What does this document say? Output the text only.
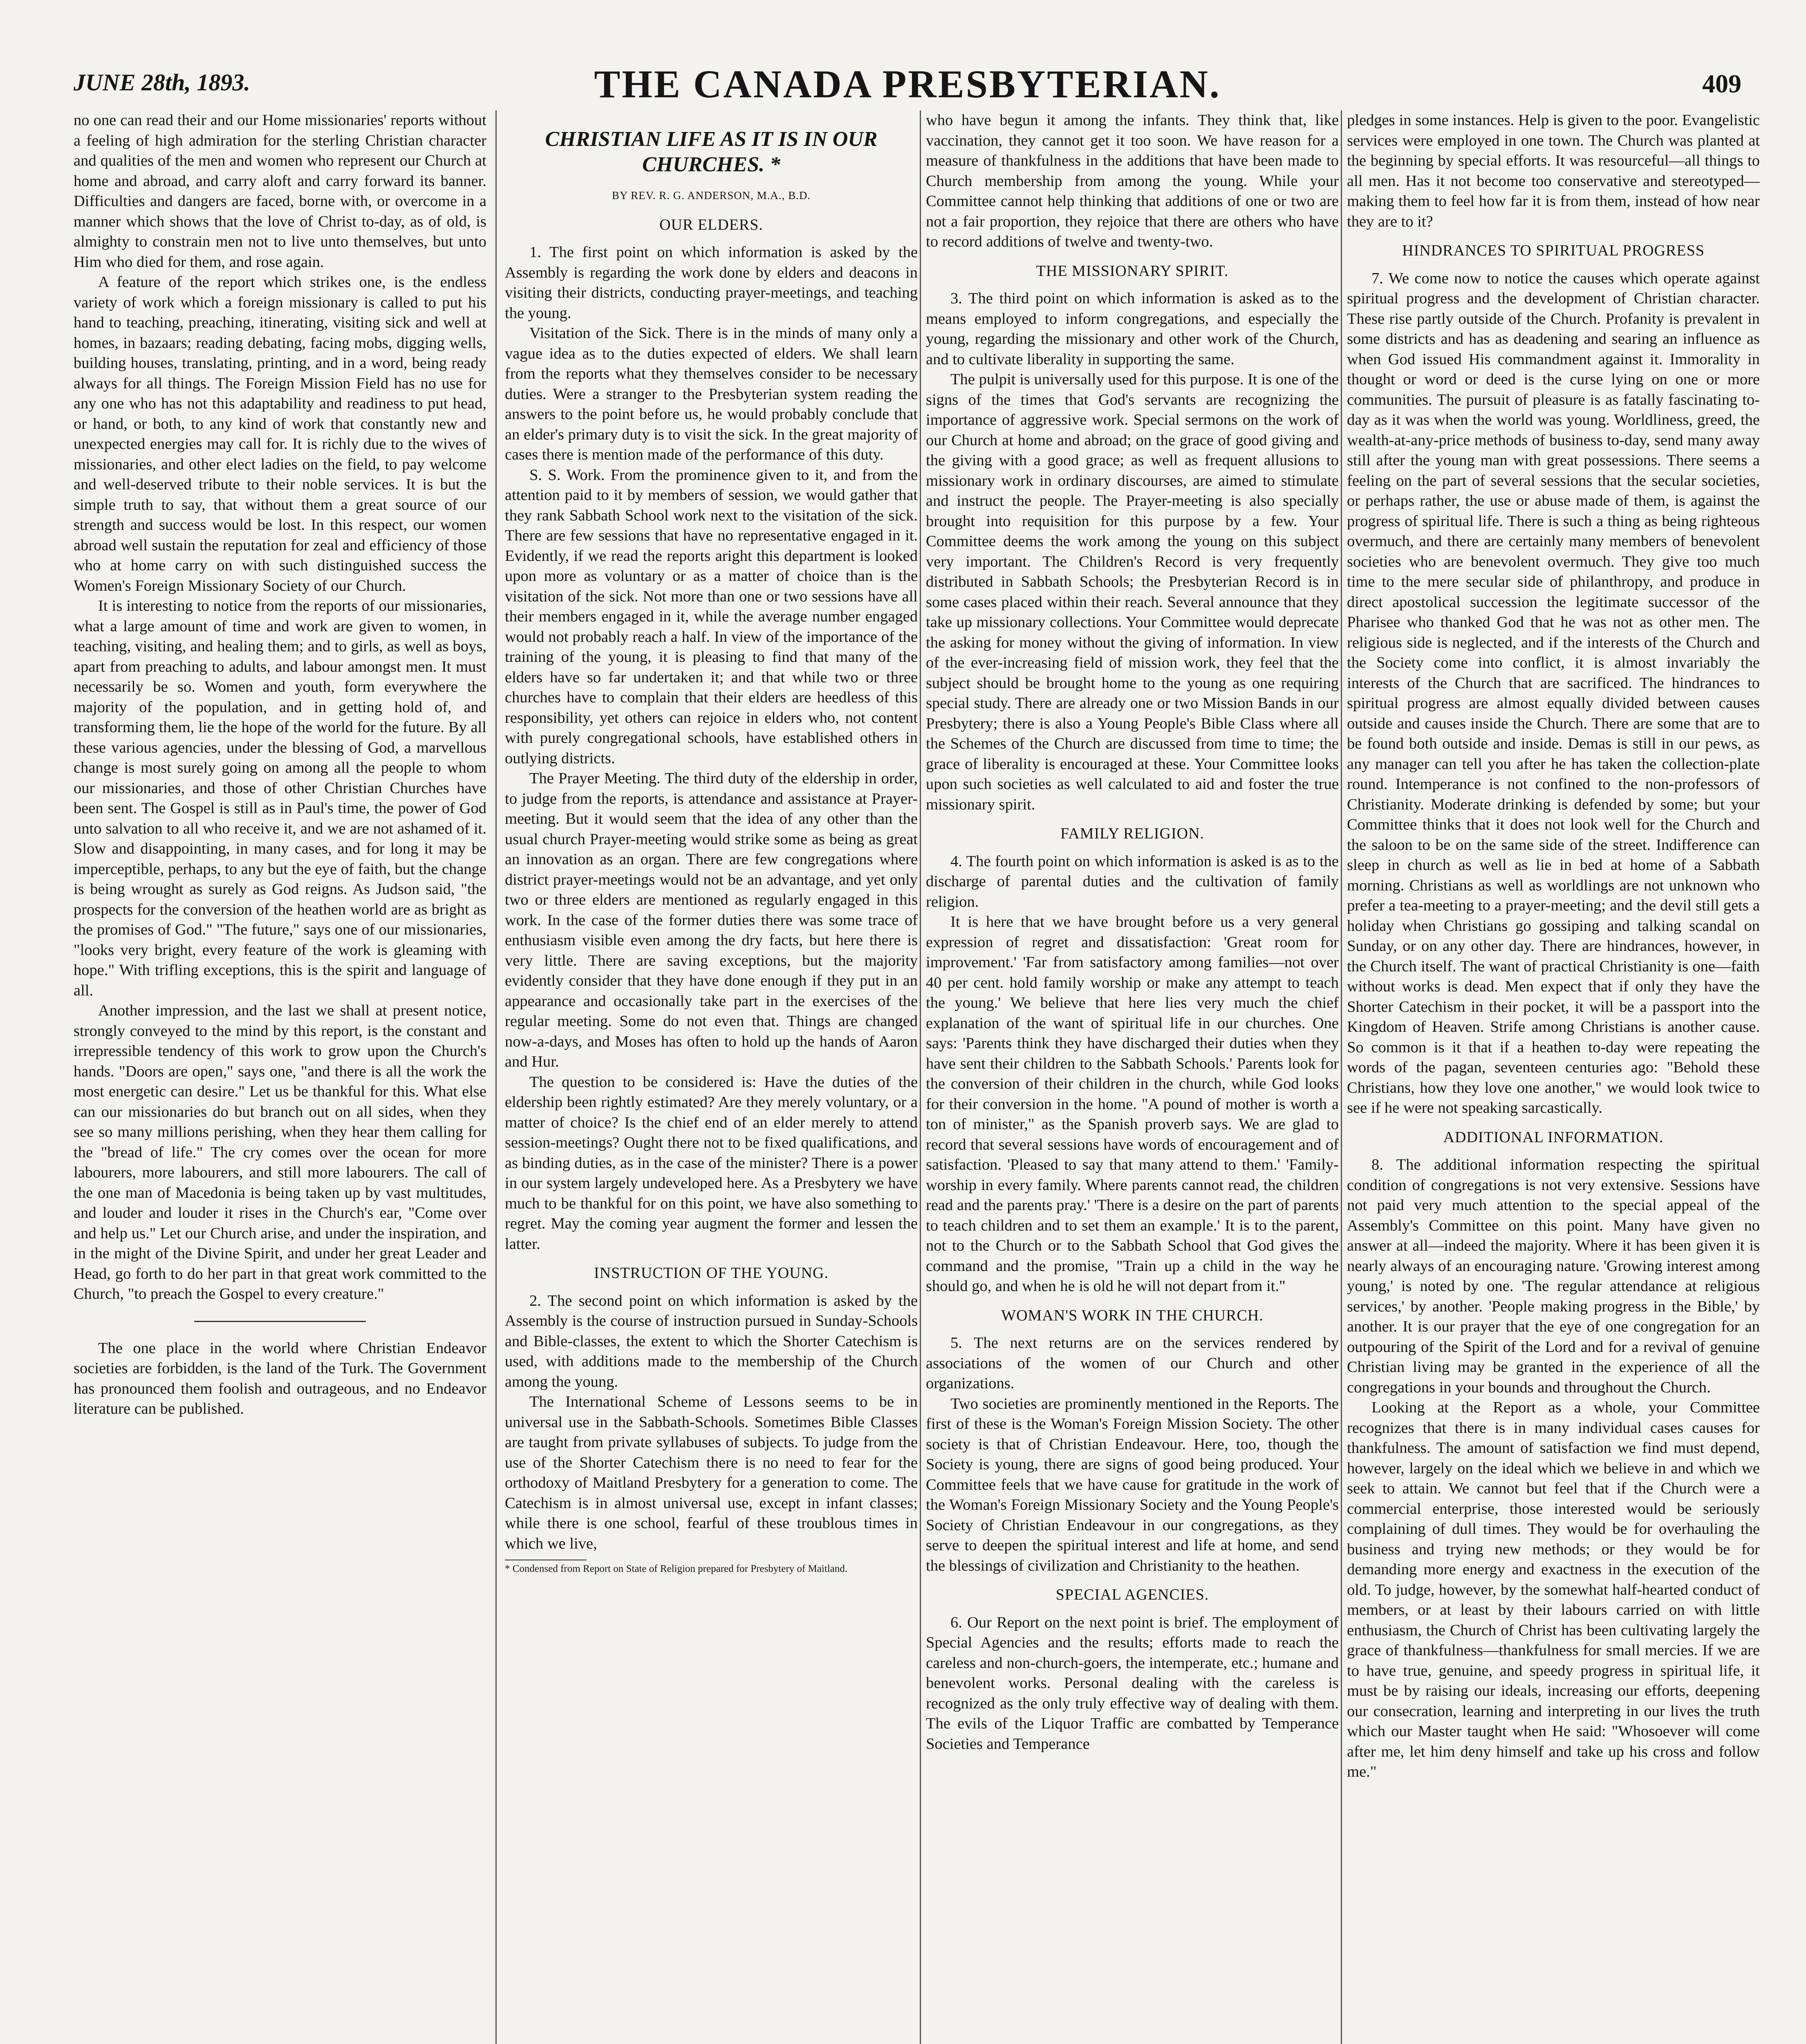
JUNE 28th, 1893.	THE CANADA PRESBYTERIAN.	409

no one can read their and our Home missionaries' reports without a feeling of high admiration for the sterling Christian character and qualities of the men and women who represent our Church at home and abroad, and carry aloft and carry forward its banner. Difficulties and dangers are faced, borne with, or overcome in a manner which shows that the love of Christ to-day, as of old, is almighty to constrain men not to live unto themselves, but unto Him who died for them, and rose again.

A feature of the report which strikes one, is the endless variety of work which a foreign missionary is called to put his hand to teaching, preaching, itinerating, visiting sick and well at homes, in bazaars; reading debating, facing mobs, digging wells, building houses, translating, printing, and in a word, being ready always for all things. The Foreign Mission Field has no use for any one who has not this adaptability and readiness to put head, or hand, or both, to any kind of work that constantly new and unexpected energies may call for. It is richly due to the wives of missionaries, and other elect ladies on the field, to pay welcome and well-deserved tribute to their noble services. It is but the simple truth to say, that without them a great source of our strength and success would be lost. In this respect, our women abroad well sustain the reputation for zeal and efficiency of those who at home carry on with such distinguished success the Women's Foreign Missionary Society of our Church.

It is interesting to notice from the reports of our missionaries, what a large amount of time and work are given to women, in teaching, visiting, and healing them; and to girls, as well as boys, apart from preaching to adults, and labour amongst men. It must necessarily be so. Women and youth, form everywhere the majority of the population, and in getting hold of, and transforming them, lie the hope of the world for the future. By all these various agencies, under the blessing of God, a marvellous change is most surely going on among all the people to whom our missionaries, and those of other Christian Churches have been sent. The Gospel is still as in Paul's time, the power of God unto salvation to all who receive it, and we are not ashamed of it. Slow and disappointing, in many cases, and for long it may be imperceptible, perhaps, to any but the eye of faith, but the change is being wrought as surely as God reigns. As Judson said, "the prospects for the conversion of the heathen world are as bright as the promises of God." "The future," says one of our missionaries, "looks very bright, every feature of the work is gleaming with hope." With trifling exceptions, this is the spirit and language of all.

Another impression, and the last we shall at present notice, strongly conveyed to the mind by this report, is the constant and irrepressible tendency of this work to grow upon the Church's hands. "Doors are open," says one, "and there is all the work the most energetic can desire." Let us be thankful for this. What else can our missionaries do but branch out on all sides, when they see so many millions perishing, when they hear them calling for the "bread of life." The cry comes over the ocean for more labourers, more labourers, and still more labourers. The call of the one man of Macedonia is being taken up by vast multitudes, and louder and louder it rises in the Church's ear, "Come over and help us." Let our Church arise, and under the inspiration, and in the might of the Divine Spirit, and under her great Leader and Head, go forth to do her part in that great work committed to the Church, "to preach the Gospel to every creature."

The one place in the world where Christian Endeavor societies are forbidden, is the land of the Turk. The Government has pronounced them foolish and outrageous, and no Endeavor literature can be published.

CHRISTIAN LIFE AS IT IS IN OUR CHURCHES. *
BY REV. R. G. ANDERSON, M.A., B.D.
OUR ELDERS.

1. The first point on which information is asked by the Assembly is regarding the work done by elders and deacons in visiting their districts, conducting prayer-meetings, and teaching the young.

Visitation of the Sick. There is in the minds of many only a vague idea as to the duties expected of elders. We shall learn from the reports what they themselves consider to be necessary duties. Were a stranger to the Presbyterian system reading the answers to the point before us, he would probably conclude that an elder's primary duty is to visit the sick. In the great majority of cases there is mention made of the performance of this duty.

S. S. Work. From the prominence given to it, and from the attention paid to it by members of session, we would gather that they rank Sabbath School work next to the visitation of the sick. There are few sessions that have no representative engaged in it. Evidently, if we read the reports aright this department is looked upon more as voluntary or as a matter of choice than is the visitation of the sick. Not more than one or two sessions have all their members engaged in it, while the average number engaged would not probably reach a half. In view of the importance of the training of the young, it is pleasing to find that many of the elders have so far undertaken it; and that while two or three churches have to complain that their elders are heedless of this responsibility, yet others can rejoice in elders who, not content with purely congregational schools, have established others in outlying districts.

The Prayer Meeting. The third duty of the eldership in order, to judge from the reports, is attendance and assistance at Prayer-meeting. But it would seem that the idea of any other than the usual church Prayer-meeting would strike some as being as great an innovation as an organ. There are few congregations where district prayer-meetings would not be an advantage, and yet only two or three elders are mentioned as regularly engaged in this work. In the case of the former duties there was some trace of enthusiasm visible even among the dry facts, but here there is very little. There are saving exceptions, but the majority evidently consider that they have done enough if they put in an appearance and occasionally take part in the exercises of the regular meeting. Some do not even that. Things are changed now-a-days, and Moses has often to hold up the hands of Aaron and Hur.

The question to be considered is: Have the duties of the eldership been rightly estimated? Are they merely voluntary, or a matter of choice? Is the chief end of an elder merely to attend session-meetings? Ought there not to be fixed qualifications, and as binding duties, as in the case of the minister? There is a power in our system largely undeveloped here. As a Presbytery we have much to be thankful for on this point, we have also something to regret. May the coming year augment the former and lessen the latter.

INSTRUCTION OF THE YOUNG.

2. The second point on which information is asked by the Assembly is the course of instruction pursued in Sunday-Schools and Bible-classes, the extent to which the Shorter Catechism is used, with additions made to the membership of the Church among the young.

The International Scheme of Lessons seems to be in universal use in the Sabbath-Schools. Sometimes Bible Classes are taught from private syllabuses of subjects. To judge from the use of the Shorter Catechism there is no need to fear for the orthodoxy of Maitland Presbytery for a generation to come. The Catechism is in almost universal use, except in infant classes; while there is one school, fearful of these troublous times in which we live,

* Condensed from Report on State of Religion prepared for Presbytery of Maitland.

who have begun it among the infants. They think that, like vaccination, they cannot get it too soon. We have reason for a measure of thankfulness in the additions that have been made to Church membership from among the young. While your Committee cannot help thinking that additions of one or two are not a fair proportion, they rejoice that there are others who have to record additions of twelve and twenty-two.

THE MISSIONARY SPIRIT.

3. The third point on which information is asked as to the means employed to inform congregations, and especially the young, regarding the missionary and other work of the Church, and to cultivate liberality in supporting the same.

The pulpit is universally used for this purpose. It is one of the signs of the times that God's servants are recognizing the importance of aggressive work. Special sermons on the work of our Church at home and abroad; on the grace of good giving and the giving with a good grace; as well as frequent allusions to missionary work in ordinary discourses, are aimed to stimulate and instruct the people. The Prayer-meeting is also specially brought into requisition for this purpose by a few. Your Committee deems the work among the young on this subject very important. The Children's Record is very frequently distributed in Sabbath Schools; the Presbyterian Record is in some cases placed within their reach. Several announce that they take up missionary collections. Your Committee would deprecate the asking for money without the giving of information. In view of the ever-increasing field of mission work, they feel that the subject should be brought home to the young as one requiring special study. There are already one or two Mission Bands in our Presbytery; there is also a Young People's Bible Class where all the Schemes of the Church are discussed from time to time; the grace of liberality is encouraged at these. Your Committee looks upon such societies as well calculated to aid and foster the true missionary spirit.

FAMILY RELIGION.

4. The fourth point on which information is asked is as to the discharge of parental duties and the cultivation of family religion.

It is here that we have brought before us a very general expression of regret and dissatisfaction: 'Great room for improvement.' 'Far from satisfactory among families—not over 40 per cent. hold family worship or make any attempt to teach the young.' We believe that here lies very much the chief explanation of the want of spiritual life in our churches. One says: 'Parents think they have discharged their duties when they have sent their children to the Sabbath Schools.' Parents look for the conversion of their children in the church, while God looks for their conversion in the home. "A pound of mother is worth a ton of minister," as the Spanish proverb says. We are glad to record that several sessions have words of encouragement and of satisfaction. 'Pleased to say that many attend to them.' 'Family-worship in every family. Where parents cannot read, the children read and the parents pray.' 'There is a desire on the part of parents to teach children and to set them an example.' It is to the parent, not to the Church or to the Sabbath School that God gives the command and the promise, "Train up a child in the way he should go, and when he is old he will not depart from it."

WOMAN'S WORK IN THE CHURCH.

5. The next returns are on the services rendered by associations of the women of our Church and other organizations.

Two societies are prominently mentioned in the Reports. The first of these is the Woman's Foreign Mission Society. The other society is that of Christian Endeavour. Here, too, though the Society is young, there are signs of good being produced. Your Committee feels that we have cause for gratitude in the work of the Woman's Foreign Missionary Society and the Young People's Society of Christian Endeavour in our congregations, as they serve to deepen the spiritual interest and life at home, and send the blessings of civilization and Christianity to the heathen.

SPECIAL AGENCIES.

6. Our Report on the next point is brief. The employment of Special Agencies and the results; efforts made to reach the careless and non-church-goers, the intemperate, etc.; humane and benevolent works. Personal dealing with the careless is recognized as the only truly effective way of dealing with them. The evils of the Liquor Traffic are combatted by Temperance Societies and Temperance

pledges in some instances. Help is given to the poor. Evangelistic services were employed in one town. The Church was planted at the beginning by special efforts. It was resourceful—all things to all men. Has it not become too conservative and stereotyped—making them to feel how far it is from them, instead of how near they are to it?

HINDRANCES TO SPIRITUAL PROGRESS

7. We come now to notice the causes which operate against spiritual progress and the development of Christian character. These rise partly outside of the Church. Profanity is prevalent in some districts and has as deadening and searing an influence as when God issued His commandment against it. Immorality in thought or word or deed is the curse lying on one or more communities. The pursuit of pleasure is as fatally fascinating to-day as it was when the world was young. Worldliness, greed, the wealth-at-any-price methods of business to-day, send many away still after the young man with great possessions. There seems a feeling on the part of several sessions that the secular societies, or perhaps rather, the use or abuse made of them, is against the progress of spiritual life. There is such a thing as being righteous overmuch, and there are certainly many members of benevolent societies who are benevolent overmuch. They give too much time to the mere secular side of philanthropy, and produce in direct apostolical succession the legitimate successor of the Pharisee who thanked God that he was not as other men. The religious side is neglected, and if the interests of the Church and the Society come into conflict, it is almost invariably the interests of the Church that are sacrificed. The hindrances to spiritual progress are almost equally divided between causes outside and causes inside the Church. There are some that are to be found both outside and inside. Demas is still in our pews, as any manager can tell you after he has taken the collection-plate round. Intemperance is not confined to the non-professors of Christianity. Moderate drinking is defended by some; but your Committee thinks that it does not look well for the Church and the saloon to be on the same side of the street. Indifference can sleep in church as well as lie in bed at home of a Sabbath morning. Christians as well as worldlings are not unknown who prefer a tea-meeting to a prayer-meeting; and the devil still gets a holiday when Christians go gossiping and talking scandal on Sunday, or on any other day. There are hindrances, however, in the Church itself. The want of practical Christianity is one—faith without works is dead. Men expect that if only they have the Shorter Catechism in their pocket, it will be a passport into the Kingdom of Heaven. Strife among Christians is another cause. So common is it that if a heathen to-day were repeating the words of the pagan, seventeen centuries ago: "Behold these Christians, how they love one another," we would look twice to see if he were not speaking sarcastically.

ADDITIONAL INFORMATION.

8. The additional information respecting the spiritual condition of congregations is not very extensive. Sessions have not paid very much attention to the special appeal of the Assembly's Committee on this point. Many have given no answer at all—indeed the majority. Where it has been given it is nearly always of an encouraging nature. 'Growing interest among young,' is noted by one. 'The regular attendance at religious services,' by another. 'People making progress in the Bible,' by another. It is our prayer that the eye of one congregation for an outpouring of the Spirit of the Lord and for a revival of genuine Christian living may be granted in the experience of all the congregations in your bounds and throughout the Church.

Looking at the Report as a whole, your Committee recognizes that there is in many individual cases causes for thankfulness. The amount of satisfaction we find must depend, however, largely on the ideal which we believe in and which we seek to attain. We cannot but feel that if the Church were a commercial enterprise, those interested would be seriously complaining of dull times. They would be for overhauling the business and trying new methods; or they would be for demanding more energy and exactness in the execution of the old. To judge, however, by the somewhat half-hearted conduct of members, or at least by their labours carried on with little enthusiasm, the Church of Christ has been cultivating largely the grace of thankfulness—thankfulness for small mercies. If we are to have true, genuine, and speedy progress in spiritual life, it must be by raising our ideals, increasing our efforts, deepening our consecration, learning and interpreting in our lives the truth which our Master taught when He said: "Whosoever will come after me, let him deny himself and take up his cross and follow me."
